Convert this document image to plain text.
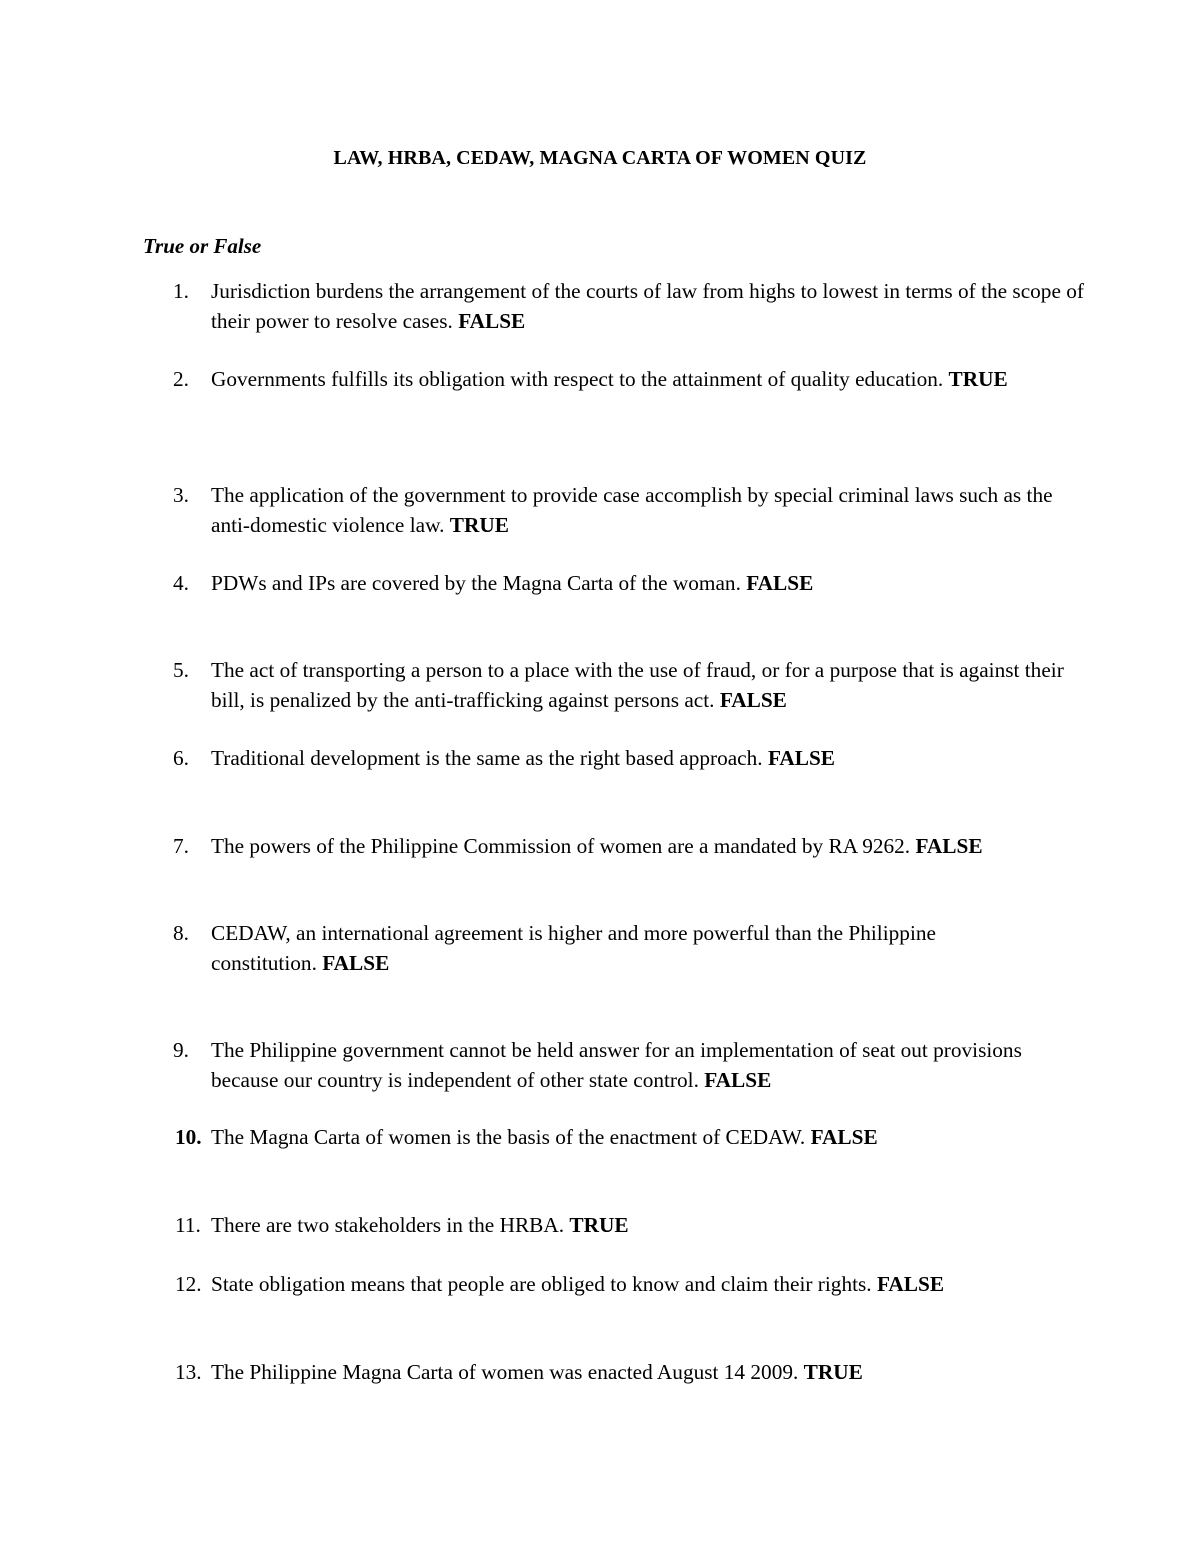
LAW, HRBA, CEDAW, MAGNA CARTA OF WOMEN QUIZ
True or False
1.	Jurisdiction burdens the arrangement of the courts of law from highs to lowest in terms of the scope of their power to resolve cases. FALSE
2.	Governments fulfills its obligation with respect to the attainment of quality education. TRUE
3.	The application of the government to provide case accomplish by special criminal laws such as the anti-domestic violence law. TRUE
4.	PDWs and IPs are covered by the Magna Carta of the woman. FALSE
5.	The act of transporting a person to a place with the use of fraud, or for a purpose that is against their bill, is penalized by the anti-trafficking against persons act. FALSE
6.	Traditional development is the same as the right based approach. FALSE
7.	The powers of the Philippine Commission of women are a mandated by RA 9262. FALSE
8.	CEDAW, an international agreement is higher and more powerful than the Philippine constitution. FALSE
9.	The Philippine government cannot be held answer for an implementation of seat out provisions because our country is independent of other state control. FALSE
10. The Magna Carta of women is the basis of the enactment of CEDAW. FALSE
11. There are two stakeholders in the HRBA. TRUE
12. State obligation means that people are obliged to know and claim their rights. FALSE
13. The Philippine Magna Carta of women was enacted August 14 2009. TRUE
